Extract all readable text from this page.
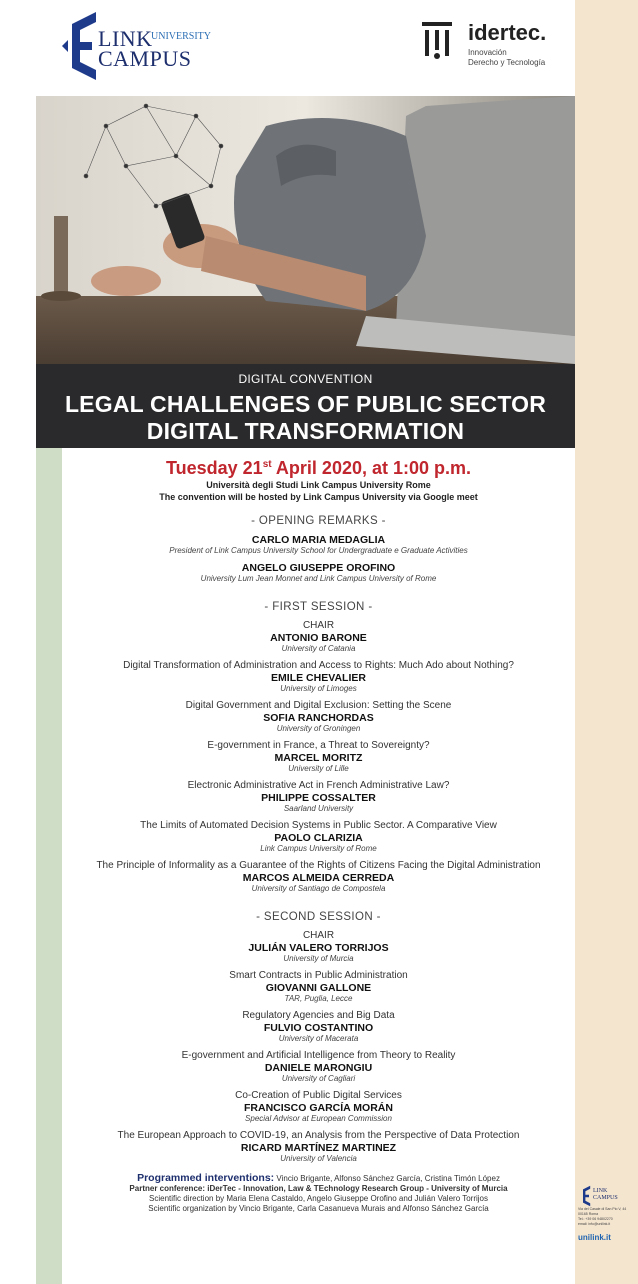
LINK
UNIVERSITY
CAMPUS
idertec.
Innovación
Derecho y Tecnología
DIGITAL CONVENTION
LEGAL CHALLENGES OF PUBLIC SECTOR
DIGITAL TRANSFORMATION
Tuesday 21st April 2020, at 1:00 p.m.
Università degli Studi Link Campus University Rome
The convention will be hosted by Link Campus University via Google meet
- OPENING REMARKS -
CARLO MARIA MEDAGLIA
President of Link Campus University School for Undergraduate e Graduate Activities
ANGELO GIUSEPPE OROFINO
University Lum Jean Monnet and Link Campus University of Rome
- FIRST SESSION -
CHAIR
ANTONIO BARONE
University of Catania
Digital Transformation of Administration and Access to Rights: Much Ado about Nothing?
EMILE CHEVALIER
University of Limoges
Digital Government and Digital Exclusion: Setting the Scene
SOFIA RANCHORDAS
University of Groningen
E-government in France, a Threat to Sovereignty?
MARCEL MORITZ
University of Lille
Electronic Administrative Act in French Administrative Law?
PHILIPPE COSSALTER
Saarland University
The Limits of Automated Decision Systems in Public Sector. A Comparative View
PAOLO CLARIZIA
Link Campus University of Rome
The Principle of Informality as a Guarantee of the Rights of Citizens Facing the Digital Administration
MARCOS ALMEIDA CERREDA
University of Santiago de Compostela
- SECOND SESSION -
CHAIR
JULIÁN VALERO TORRIJOS
University of Murcia
Smart Contracts in Public Administration
GIOVANNI GALLONE
TAR, Puglia, Lecce
Regulatory Agencies and Big Data
FULVIO COSTANTINO
University of Macerata
E-government and Artificial Intelligence from Theory to Reality
DANIELE MARONGIU
University of Cagliari
Co-Creation of Public Digital Services
FRANCISCO GARCÍA MORÁN
Special Advisor at European Commission
The European Approach to COVID-19, an Analysis from the Perspective of Data Protection
RICARD MARTÍNEZ MARTINEZ
University of Valencia
Programmed interventions: Vincio Brigante, Alfonso Sánchez García, Cristina Timón López
Partner conference: iDerTec - Innovation, Law & TEchnology Research Group - University of Murcia
Scientific direction by Maria Elena Castaldo, Angelo Giuseppe Orofino and Julián Valero Torrijos
Scientific organization by Vincio Brigante, Carla Casanueva Murais and Alfonso Sánchez García
LINK
CAMPUS
Via del Casale di San Pio V, 44
00165 Roma
Tel.: +39 06 94802270
email: info@unilink.it
unilink.it
